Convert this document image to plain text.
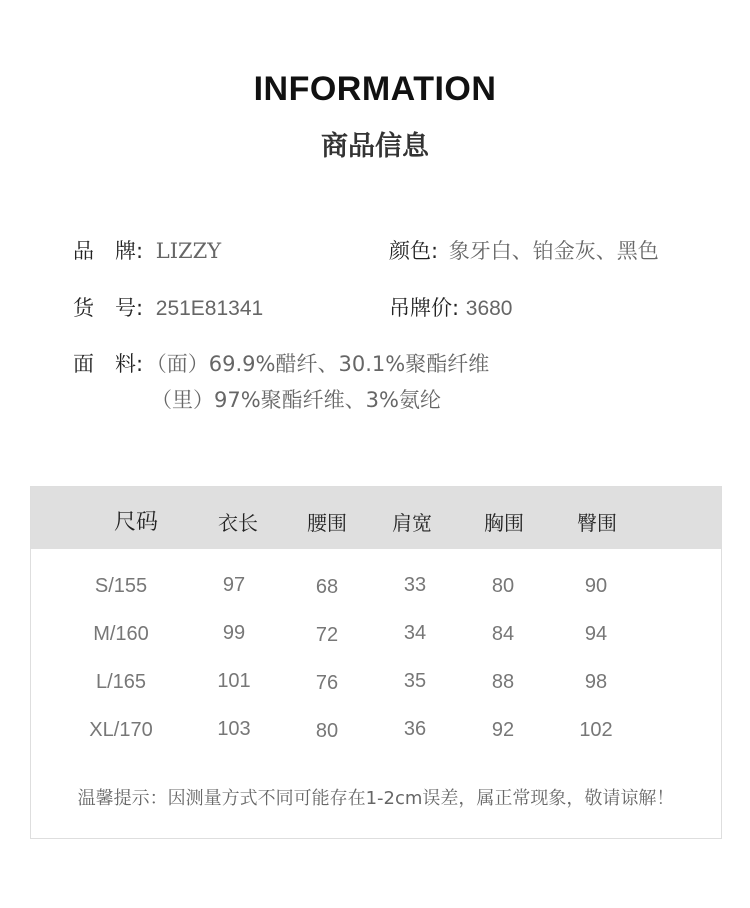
INFORMATION
商品信息
品　牌: LIZZY	颜色: 象牙白、铂金灰、黑色
货　号: 251E81341	吊牌价: 3680
面　料: （面）69.9%醋纤、30.1%聚酯纤维
（里）97%聚酯纤维、3%氨纶
尺码	衣长	腰围	肩宽	胸围	臀围
S/155	97	68	33	80	90
M/160	99	72	34	84	94
L/165	101	76	35	88	98
XL/170	103	80	36	92	102
温馨提示：因测量方式不同可能存在1-2cm误差，属正常现象，敬请谅解！
